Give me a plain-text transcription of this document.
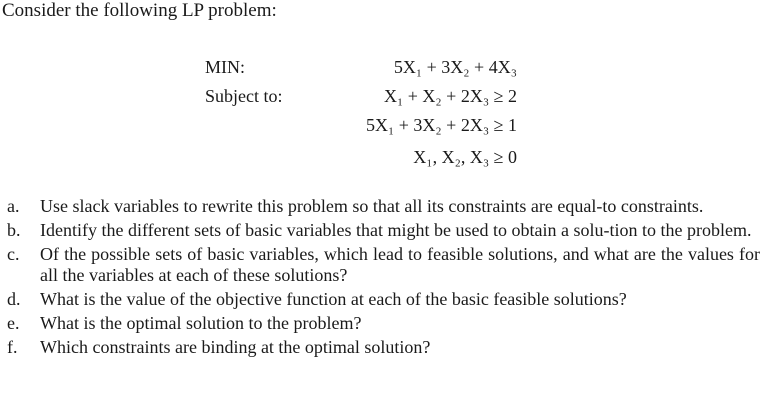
Consider the following LP problem:
MIN:	5X₁ + 3X₂ + 4X₃
Subject to:	X₁ + X₂ + 2X₃ ≥ 2
5X₁ + 3X₂ + 2X₃ ≥ 1
X₁, X₂, X₃ ≥ 0
a. Use slack variables to rewrite this problem so that all its constraints are equal-to constraints.
b. Identify the different sets of basic variables that might be used to obtain a solu-tion to the problem.
c. Of the possible sets of basic variables, which lead to feasible solutions, and what are the values for all the variables at each of these solutions?
d. What is the value of the objective function at each of the basic feasible solutions?
e. What is the optimal solution to the problem?
f. Which constraints are binding at the optimal solution?
